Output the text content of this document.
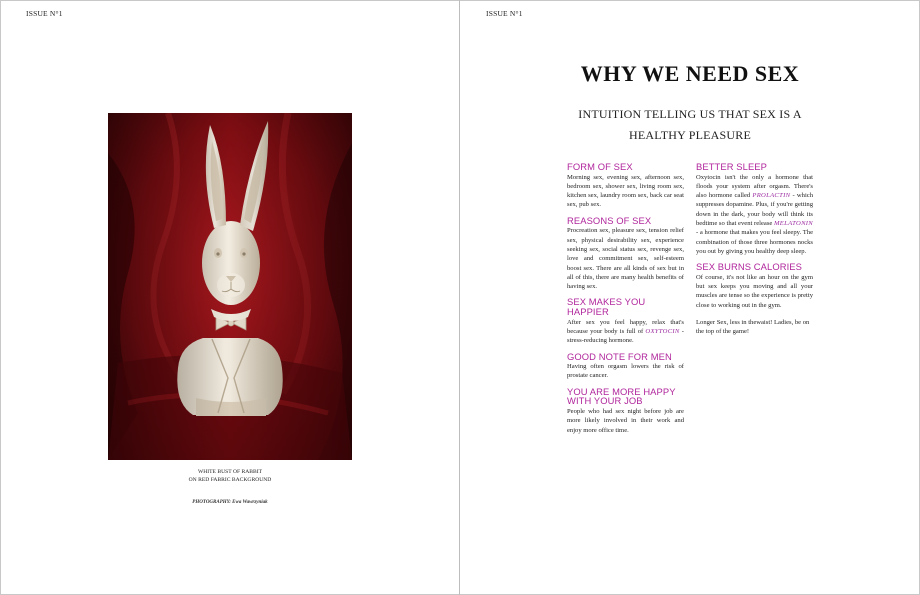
ISSUE N°1
WHITE BUST OF RABBIT
ON RED FABRIC BACKGROUND
PHOTOGRAPHY: Ewa Wawrzyniak
ISSUE N°1
WHY WE NEED SEX
INTUITION TELLING US THAT SEX IS A
HEALTHY PLEASURE

FORM OF SEX

Morning sex, evening sex, afternoon sex, bedroom sex, shower sex, living room sex, kitchen sex, laundry room sex, back car seat sex, pub sex.

REASONS OF SEX

Procreation sex, pleasure sex, tension relief sex, physical desirability sex, experience seeking sex, social status sex, revenge sex, love and commitment sex, self-esteem boost sex. There are all kinds of sex but in all of this, there are many health benefits of having sex.

SEX MAKES YOU HAPPIER

After sex you feel happy, relax that's because your body is full of OXYTOCIN - stress-reducing hormone.

GOOD NOTE FOR MEN

Having often orgasm lowers the risk of prostate cancer.

YOU ARE MORE HAPPY WITH YOUR JOB

People who had sex night before job are more likely involved in their work and enjoy more office time.

BETTER SLEEP

Oxytocin isn't the only a hormone that floods your system after orgasm. There's also hormone called PROLACTIN - which suppresses dopamine. Plus, if you're getting down in the dark, your body will think its bedtime so that event release MELATONIN - a hormone that makes you feel sleepy. The combination of those three hormones nocks you out by giving you healthy deep sleep.

SEX BURNS CALORIES

Of course, it's not like an hour on the gym but sex keeps you moving and all your muscles are tense so the experience is pretty close to working out in the gym.

Longer Sex, less in thewaist! Ladies, be on the top of the game!
